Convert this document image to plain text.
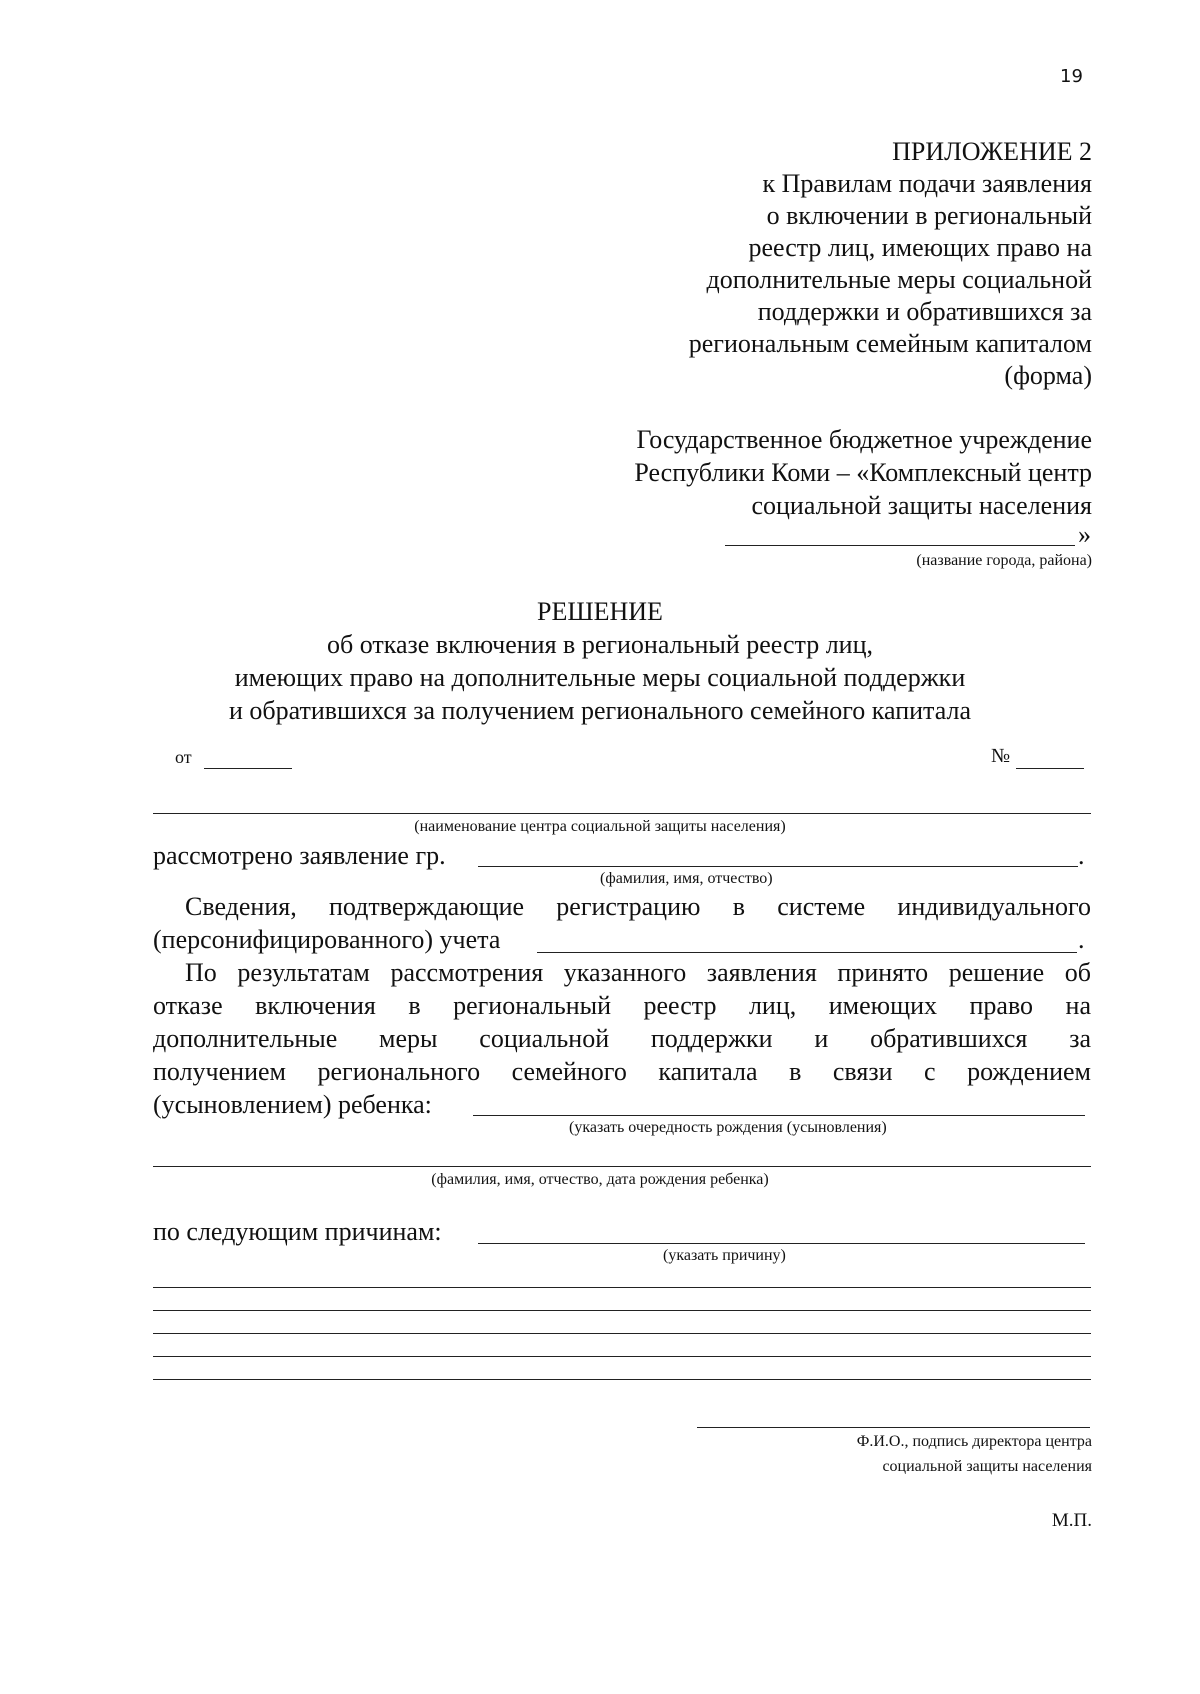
19
ПРИЛОЖЕНИЕ 2
к Правилам подачи заявления
о включении в региональный
реестр лиц, имеющих право на
дополнительные меры социальной
поддержки и обратившихся за
региональным семейным капиталом
(форма)
Государственное бюджетное учреждение
Республики Коми – «Комплексный центр
социальной защиты населения
»
(название города, района)
РЕШЕНИЕ
об отказе включения в региональный реестр лиц,
имеющих право на дополнительные меры социальной поддержки
и обратившихся за получением регионального семейного капитала
от	№
(наименование центра социальной защиты населения)
рассмотрено заявление гр.	.
(фамилия, имя, отчество)
Сведения, подтверждающие регистрацию в системе индивидуального
(персонифицированного) учета	.
По результатам рассмотрения указанного заявления принято решение об
отказе включения в региональный реестр лиц, имеющих право на
дополнительные меры социальной поддержки и обратившихся за
получением регионального семейного капитала в связи с рождением
(усыновлением) ребенка:
(указать очередность рождения (усыновления)
(фамилия, имя, отчество, дата рождения ребенка)
по следующим причинам:
(указать причину)
Ф.И.О., подпись директора центра
социальной защиты населения
М.П.
